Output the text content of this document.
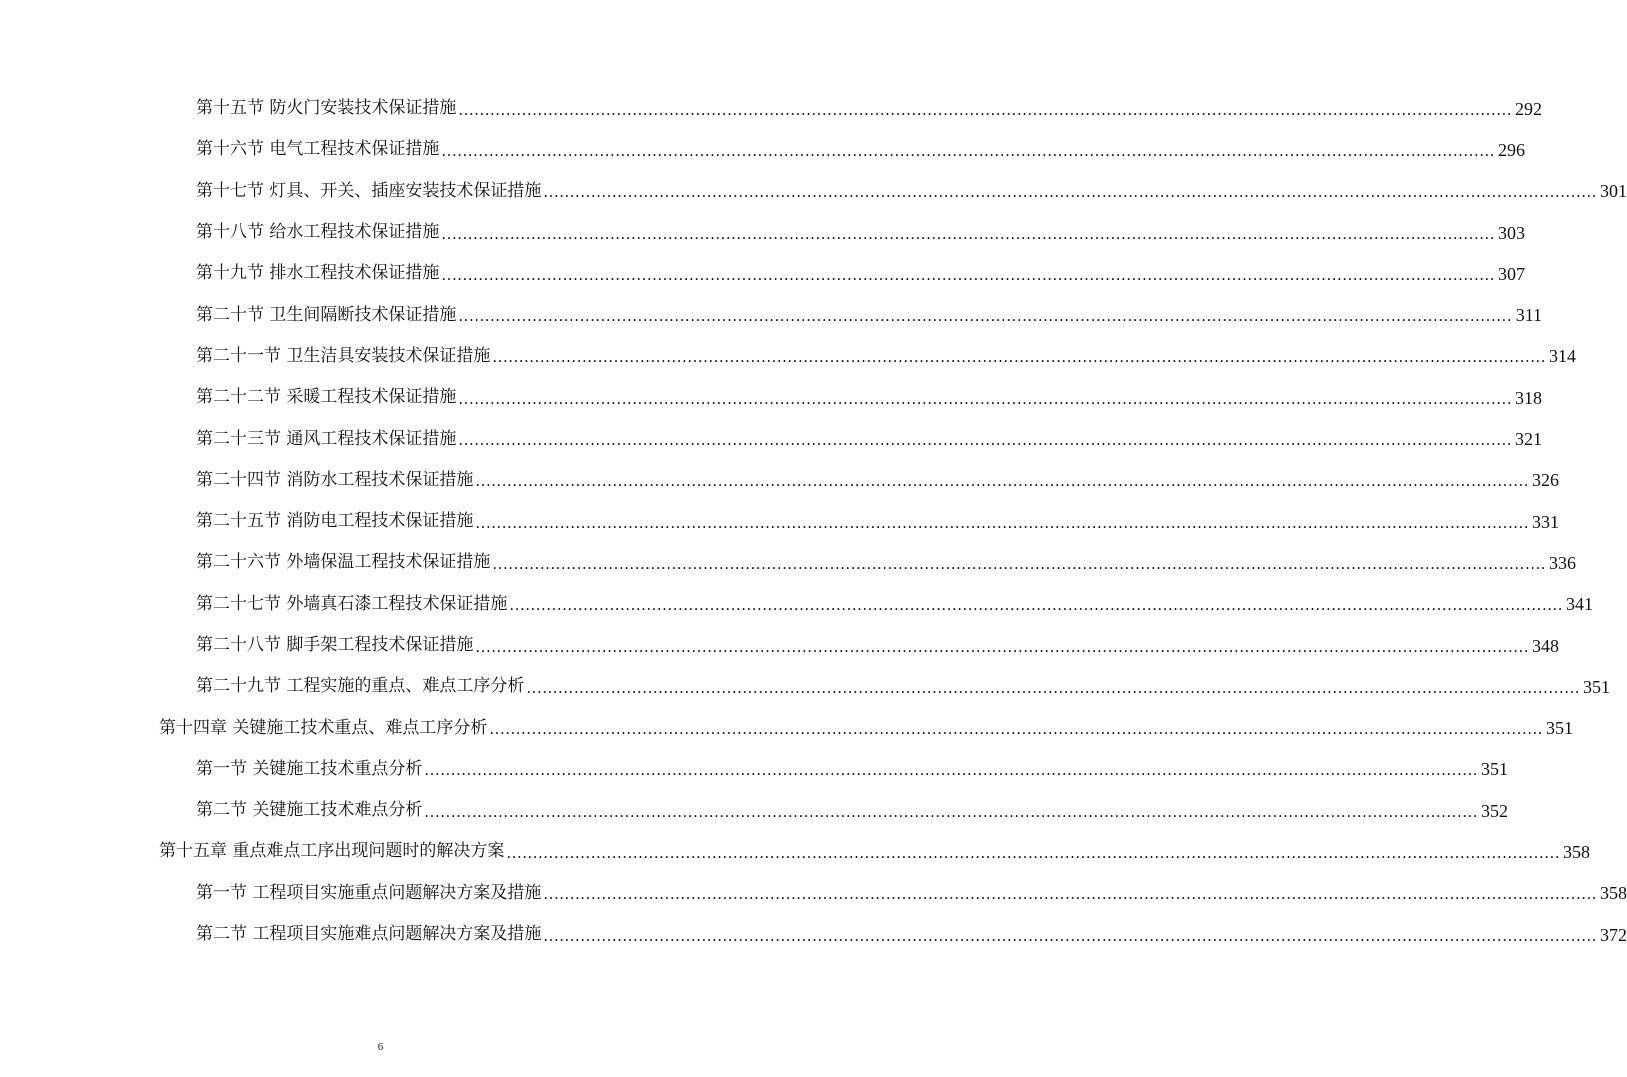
第十五节 防火门安装技术保证措施 ........................................................................................................................................................................................................ 292
第十六节 电气工程技术保证措施 ........................................................................................................................................................................................................ 296
第十七节 灯具、开关、插座安装技术保证措施 ........................................................................................................................................................................................................ 301
第十八节 给水工程技术保证措施 ........................................................................................................................................................................................................ 303
第十九节 排水工程技术保证措施 ........................................................................................................................................................................................................ 307
第二十节 卫生间隔断技术保证措施 ........................................................................................................................................................................................................ 311
第二十一节 卫生洁具安装技术保证措施 ........................................................................................................................................................................................................ 314
第二十二节 采暖工程技术保证措施 ........................................................................................................................................................................................................ 318
第二十三节 通风工程技术保证措施 ........................................................................................................................................................................................................ 321
第二十四节 消防水工程技术保证措施 ........................................................................................................................................................................................................ 326
第二十五节 消防电工程技术保证措施 ........................................................................................................................................................................................................ 331
第二十六节 外墙保温工程技术保证措施 ........................................................................................................................................................................................................ 336
第二十七节 外墙真石漆工程技术保证措施 ........................................................................................................................................................................................................ 341
第二十八节 脚手架工程技术保证措施 ........................................................................................................................................................................................................ 348
第二十九节 工程实施的重点、难点工序分析 ........................................................................................................................................................................................................ 351
第十四章 关键施工技术重点、难点工序分析 ........................................................................................................................................................................................................ 351
第一节 关键施工技术重点分析 ........................................................................................................................................................................................................ 351
第二节 关键施工技术难点分析 ........................................................................................................................................................................................................ 352
第十五章 重点难点工序出现问题时的解决方案 ........................................................................................................................................................................................................ 358
第一节 工程项目实施重点问题解决方案及措施 ........................................................................................................................................................................................................ 358
第二节 工程项目实施难点问题解决方案及措施 ........................................................................................................................................................................................................ 372
6
